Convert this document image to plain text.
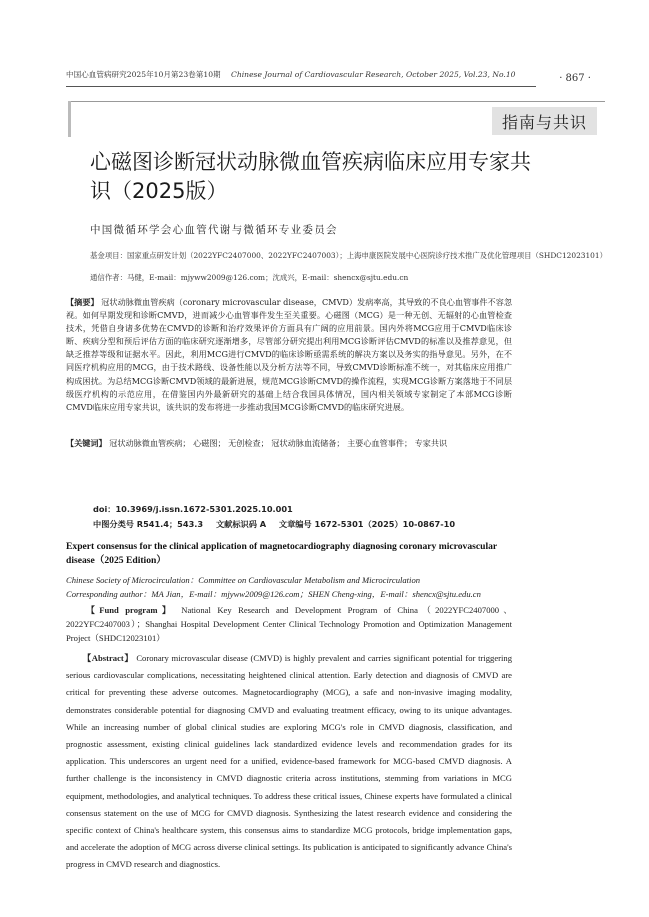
中国心血管病研究2025年10月第23卷第10期 Chinese Journal of Cardiovascular Research, October 2025, Vol.23, No.10	· 867 ·
指南与共识
心磁图诊断冠状动脉微血管疾病临床应用专家共识（2025版）
中国微循环学会心血管代谢与微循环专业委员会
基金项目：国家重点研发计划（2022YFC2407000、2022YFC2407003）；上海申康医院发展中心医院诊疗技术推广及优化管理项目（SHDC12023101）
通信作者：马健，E-mail：mjyww2009@126.com；沈成兴，E-mail：shencx@sjtu.edu.cn
【摘要】 冠状动脉微血管疾病（coronary microvascular disease，CMVD）发病率高，其导致的不良心血管事件不容忽视。如何早期发现和诊断CMVD，进而减少心血管事件发生至关重要。心磁图（MCG）是一种无创、无辐射的心血管检查技术，凭借自身诸多优势在CMVD的诊断和治疗效果评价方面具有广阔的应用前景。国内外将MCG应用于CMVD临床诊断、疾病分型和预后评估方面的临床研究逐渐增多，尽管部分研究提出利用MCG诊断评估CMVD的标准以及推荐意见，但缺乏推荐等级和证据水平。因此，利用MCG进行CMVD的临床诊断亟需系统的解决方案以及务实的指导意见。另外，在不同医疗机构应用的MCG，由于技术路线、设备性能以及分析方法等不同，导致CMVD诊断标准不统一，对其临床应用推广构成困扰。为总结MCG诊断CMVD领域的最新进展，规范MCG诊断CMVD的操作流程，实现MCG诊断方案落地于不同层级医疗机构的示范应用，在借鉴国内外最新研究的基础上结合我国具体情况，国内相关领域专家制定了本部MCG诊断CMVD临床应用专家共识，该共识的发布将进一步推动我国MCG诊断CMVD的临床研究进展。
【关键词】 冠状动脉微血管疾病； 心磁图； 无创检查； 冠状动脉血流储备； 主要心血管事件； 专家共识
doi：10.3969/j.issn.1672-5301.2025.10.001
中图分类号 R541.4；543.3 文献标识码 A 文章编号 1672-5301（2025）10-0867-10
Expert consensus for the clinical application of magnetocardiography diagnosing coronary microvascular disease（2025 Edition）
Chinese Society of Microcirculation：Committee on Cardiovascular Metabolism and Microcirculation
Corresponding author：MA Jian，E-mail：mjyww2009@126.com；SHEN Cheng-xing，E-mail：shencx@sjtu.edu.cn
【Fund program】 National Key Research and Development Program of China（2022YFC2407000、2022YFC2407003）；Shanghai Hospital Development Center Clinical Technology Promotion and Optimization Management Project（SHDC12023101）
【Abstract】 Coronary microvascular disease (CMVD) is highly prevalent and carries significant potential for triggering serious cardiovascular complications, necessitating heightened clinical attention. Early detection and diagnosis of CMVD are critical for preventing these adverse outcomes. Magnetocardiography (MCG), a safe and non-invasive imaging modality, demonstrates considerable potential for diagnosing CMVD and evaluating treatment efficacy, owing to its unique advantages. While an increasing number of global clinical studies are exploring MCG's role in CMVD diagnosis, classification, and prognostic assessment, existing clinical guidelines lack standardized evidence levels and recommendation grades for its application. This underscores an urgent need for a unified, evidence-based framework for MCG-based CMVD diagnosis. A further challenge is the inconsistency in CMVD diagnostic criteria across institutions, stemming from variations in MCG equipment, methodologies, and analytical techniques. To address these critical issues, Chinese experts have formulated a clinical consensus statement on the use of MCG for CMVD diagnosis. Synthesizing the latest research evidence and considering the specific context of China's healthcare system, this consensus aims to standardize MCG protocols, bridge implementation gaps, and accelerate the adoption of MCG across diverse clinical settings. Its publication is anticipated to significantly advance China's progress in CMVD research and diagnostics.
